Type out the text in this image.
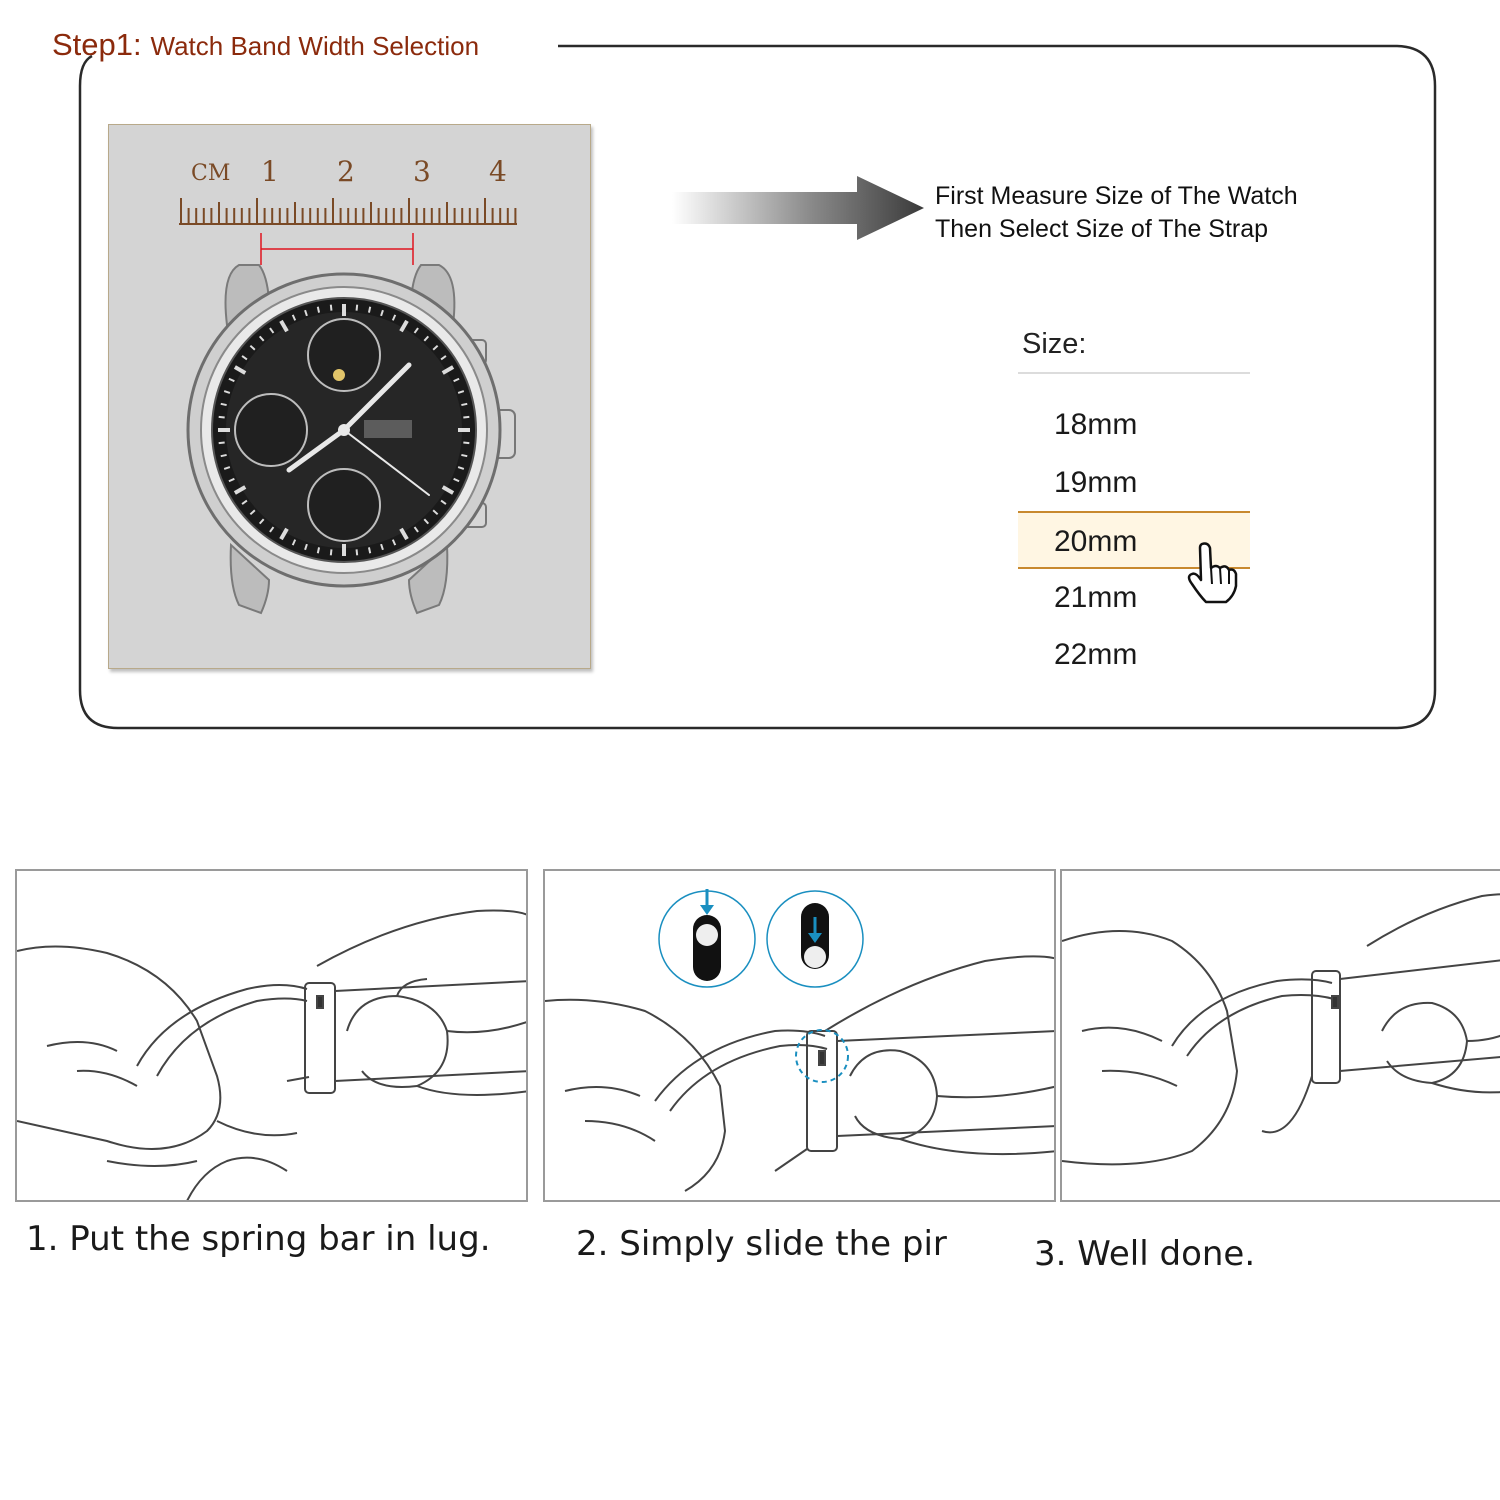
Step1: Watch Band Width Selection
CM 1 2 3 4
First Measure Size of The Watch
Then Select Size of The Strap
Size:
18mm
19mm
20mm
21mm
22mm
1. Put the spring bar in lug.	2. Simply slide the pir	3. Well done.
